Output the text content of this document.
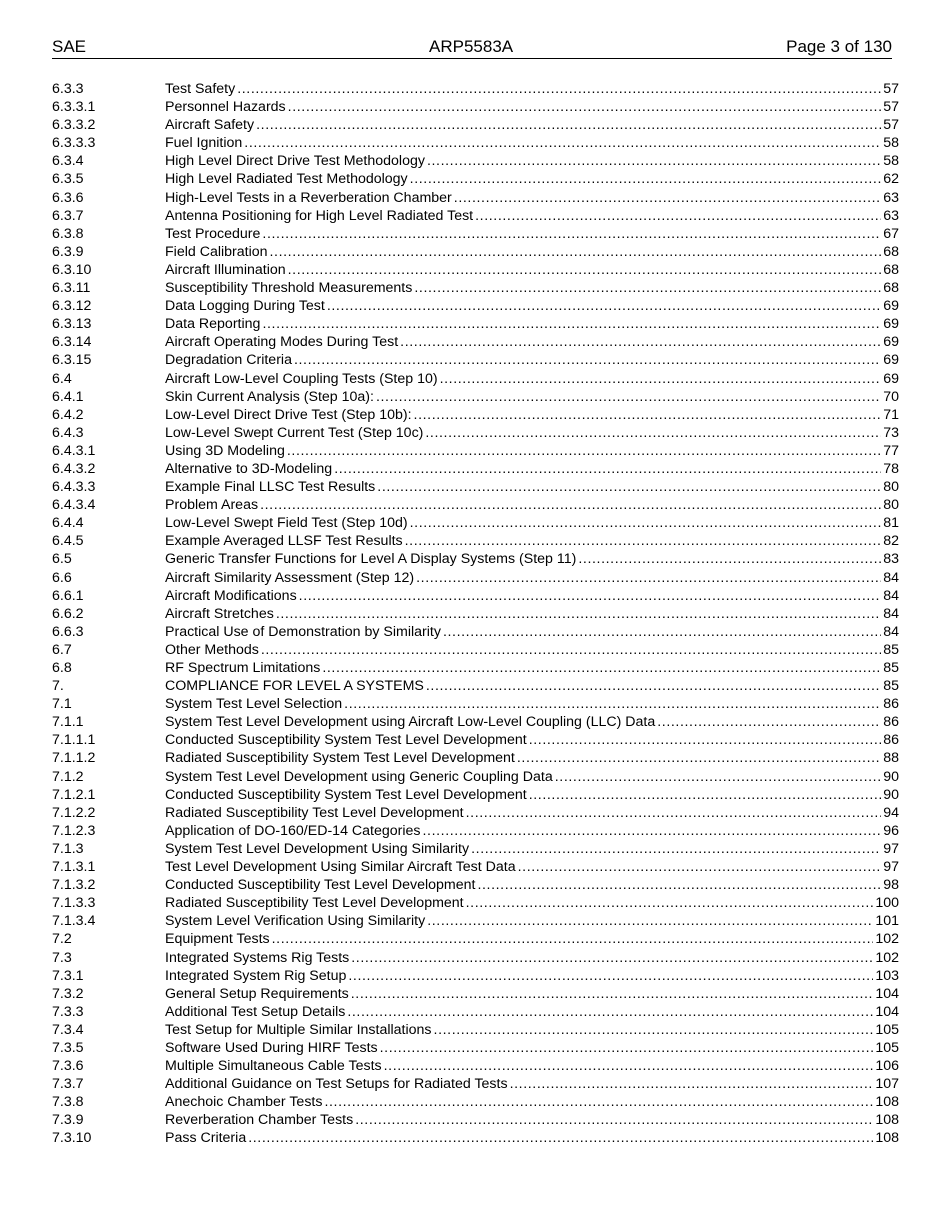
SAE	ARP5583A	Page 3 of 130
6.3.3	Test Safety .....	57
6.3.3.1	Personnel Hazards .....	57
6.3.3.2	Aircraft Safety .....	57
6.3.3.3	Fuel Ignition .....	58
6.3.4	High Level Direct Drive Test Methodology .....	58
6.3.5	High Level Radiated Test Methodology .....	62
6.3.6	High-Level Tests in a Reverberation Chamber .....	63
6.3.7	Antenna Positioning for High Level Radiated Test .....	63
6.3.8	Test Procedure .....	67
6.3.9	Field Calibration .....	68
6.3.10	Aircraft Illumination .....	68
6.3.11	Susceptibility Threshold Measurements .....	68
6.3.12	Data Logging During Test .....	69
6.3.13	Data Reporting .....	69
6.3.14	Aircraft Operating Modes During Test .....	69
6.3.15	Degradation Criteria .....	69
6.4	Aircraft Low-Level Coupling Tests (Step 10) .....	69
6.4.1	Skin Current Analysis (Step 10a): .....	70
6.4.2	Low-Level Direct Drive Test (Step 10b): .....	71
6.4.3	Low-Level Swept Current Test (Step 10c) .....	73
6.4.3.1	Using 3D Modeling .....	77
6.4.3.2	Alternative to 3D-Modeling .....	78
6.4.3.3	Example Final LLSC Test Results .....	80
6.4.3.4	Problem Areas .....	80
6.4.4	Low-Level Swept Field Test (Step 10d) .....	81
6.4.5	Example Averaged LLSF Test Results .....	82
6.5	Generic Transfer Functions for Level A Display Systems (Step 11) .....	83
6.6	Aircraft Similarity Assessment (Step 12) .....	84
6.6.1	Aircraft Modifications .....	84
6.6.2	Aircraft Stretches .....	84
6.6.3	Practical Use of Demonstration by Similarity .....	84
6.7	Other Methods .....	85
6.8	RF Spectrum Limitations .....	85
7.	COMPLIANCE FOR LEVEL A SYSTEMS .....	85
7.1	System Test Level Selection .....	86
7.1.1	System Test Level Development using Aircraft Low-Level Coupling (LLC) Data .....	86
7.1.1.1	Conducted Susceptibility System Test Level Development .....	86
7.1.1.2	Radiated Susceptibility System Test Level Development .....	88
7.1.2	System Test Level Development using Generic Coupling Data .....	90
7.1.2.1	Conducted Susceptibility System Test Level Development .....	90
7.1.2.2	Radiated Susceptibility Test Level Development .....	94
7.1.2.3	Application of DO-160/ED-14 Categories .....	96
7.1.3	System Test Level Development Using Similarity .....	97
7.1.3.1	Test Level Development Using Similar Aircraft Test Data .....	97
7.1.3.2	Conducted Susceptibility Test Level Development .....	98
7.1.3.3	Radiated Susceptibility Test Level Development .....	100
7.1.3.4	System Level Verification Using Similarity .....	101
7.2	Equipment Tests .....	102
7.3	Integrated Systems Rig Tests .....	102
7.3.1	Integrated System Rig Setup .....	103
7.3.2	General Setup Requirements .....	104
7.3.3	Additional Test Setup Details .....	104
7.3.4	Test Setup for Multiple Similar Installations .....	105
7.3.5	Software Used During HIRF Tests .....	105
7.3.6	Multiple Simultaneous Cable Tests .....	106
7.3.7	Additional Guidance on Test Setups for Radiated Tests .....	107
7.3.8	Anechoic Chamber Tests .....	108
7.3.9	Reverberation Chamber Tests .....	108
7.3.10	Pass Criteria .....	108
